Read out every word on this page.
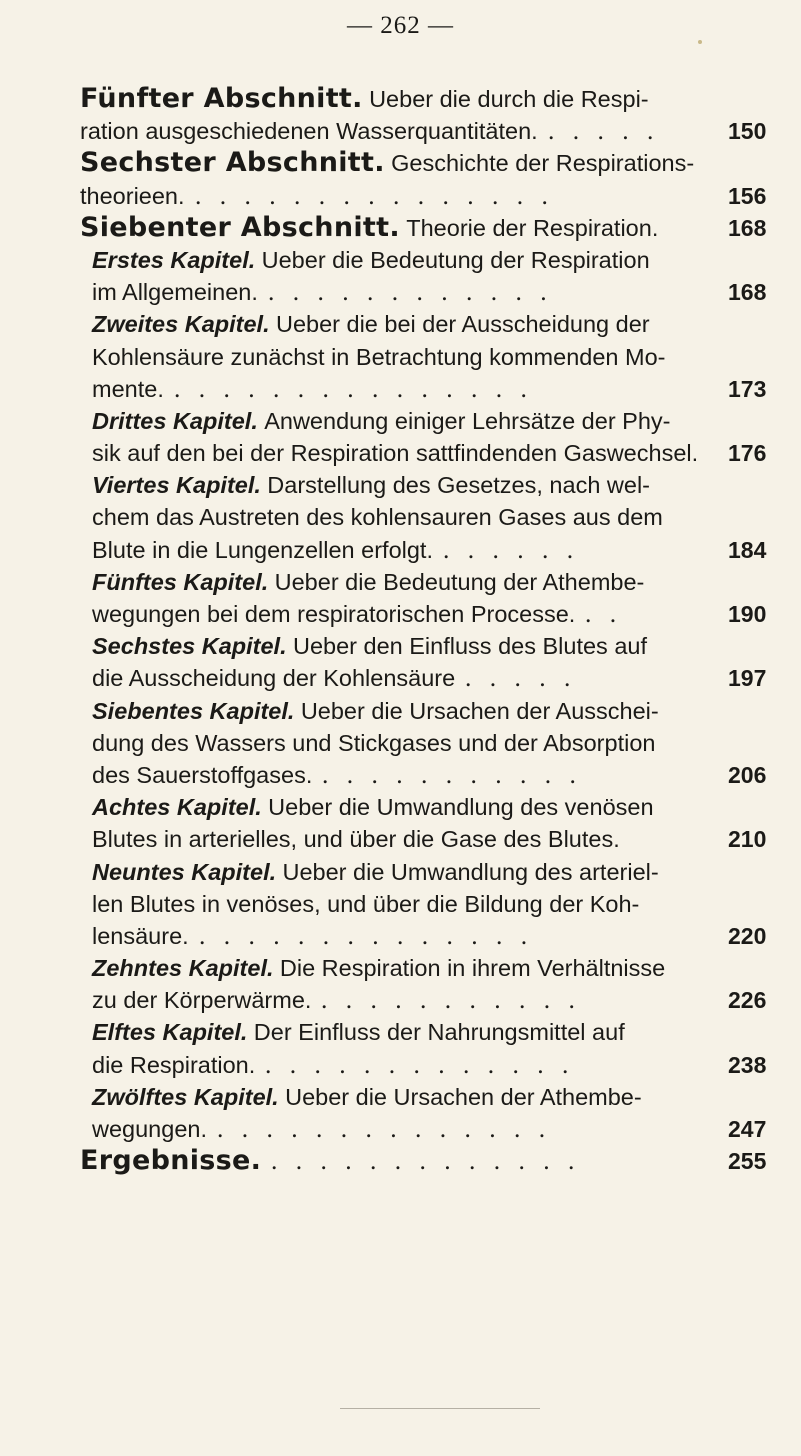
— 262 —
Fünfter Abschnitt. Ueber die durch die Respi-
ration ausgeschiedenen Wasserquantitäten. . . . . .	150
Sechster Abschnitt. Geschichte der Respirations-
theorieen. . . . . . . . . . . . . . . .	156
Siebenter Abschnitt. Theorie der Respiration.	168
Erstes Kapitel. Ueber die Bedeutung der Respiration
im Allgemeinen. . . . . . . . . . . . .	168
Zweites Kapitel. Ueber die bei der Ausscheidung der
Kohlensäure zunächst in Betrachtung kommenden Mo-
mente. . . . . . . . . . . . . . . .	173
Drittes Kapitel. Anwendung einiger Lehrsätze der Phy-
sik auf den bei der Respiration sattfindenden Gaswechsel. 176
Viertes Kapitel. Darstellung des Gesetzes, nach wel-
chem das Austreten des kohlensauren Gases aus dem
Blute in die Lungenzellen erfolgt. . . . . . .	184
Fünftes Kapitel. Ueber die Bedeutung der Athembe-
wegungen bei dem respiratorischen Processe. . .	190
Sechstes Kapitel. Ueber den Einfluss des Blutes auf
die Ausscheidung der Kohlensäure . . . . .	197
Siebentes Kapitel. Ueber die Ursachen der Ausschei-
dung des Wassers und Stickgases und der Absorption
des Sauerstoffgases. . . . . . . . . . . .	206
Achtes Kapitel. Ueber die Umwandlung des venösen
Blutes in arterielles, und über die Gase des Blutes.	210
Neuntes Kapitel. Ueber die Umwandlung des arteriel-
len Blutes in venöses, und über die Bildung der Koh-
lensäure. . . . . . . . . . . . . . .	220
Zehntes Kapitel. Die Respiration in ihrem Verhältnisse
zu der Körperwärme. . . . . . . . . . . .	226
Elftes Kapitel. Der Einfluss der Nahrungsmittel auf
die Respiration. . . . . . . . . . . . . .	238
Zwölftes Kapitel. Ueber die Ursachen der Athembe-
wegungen. . . . . . . . . . . . . . .	247
Ergebnisse. . . . . . . . . . . . . .	255
